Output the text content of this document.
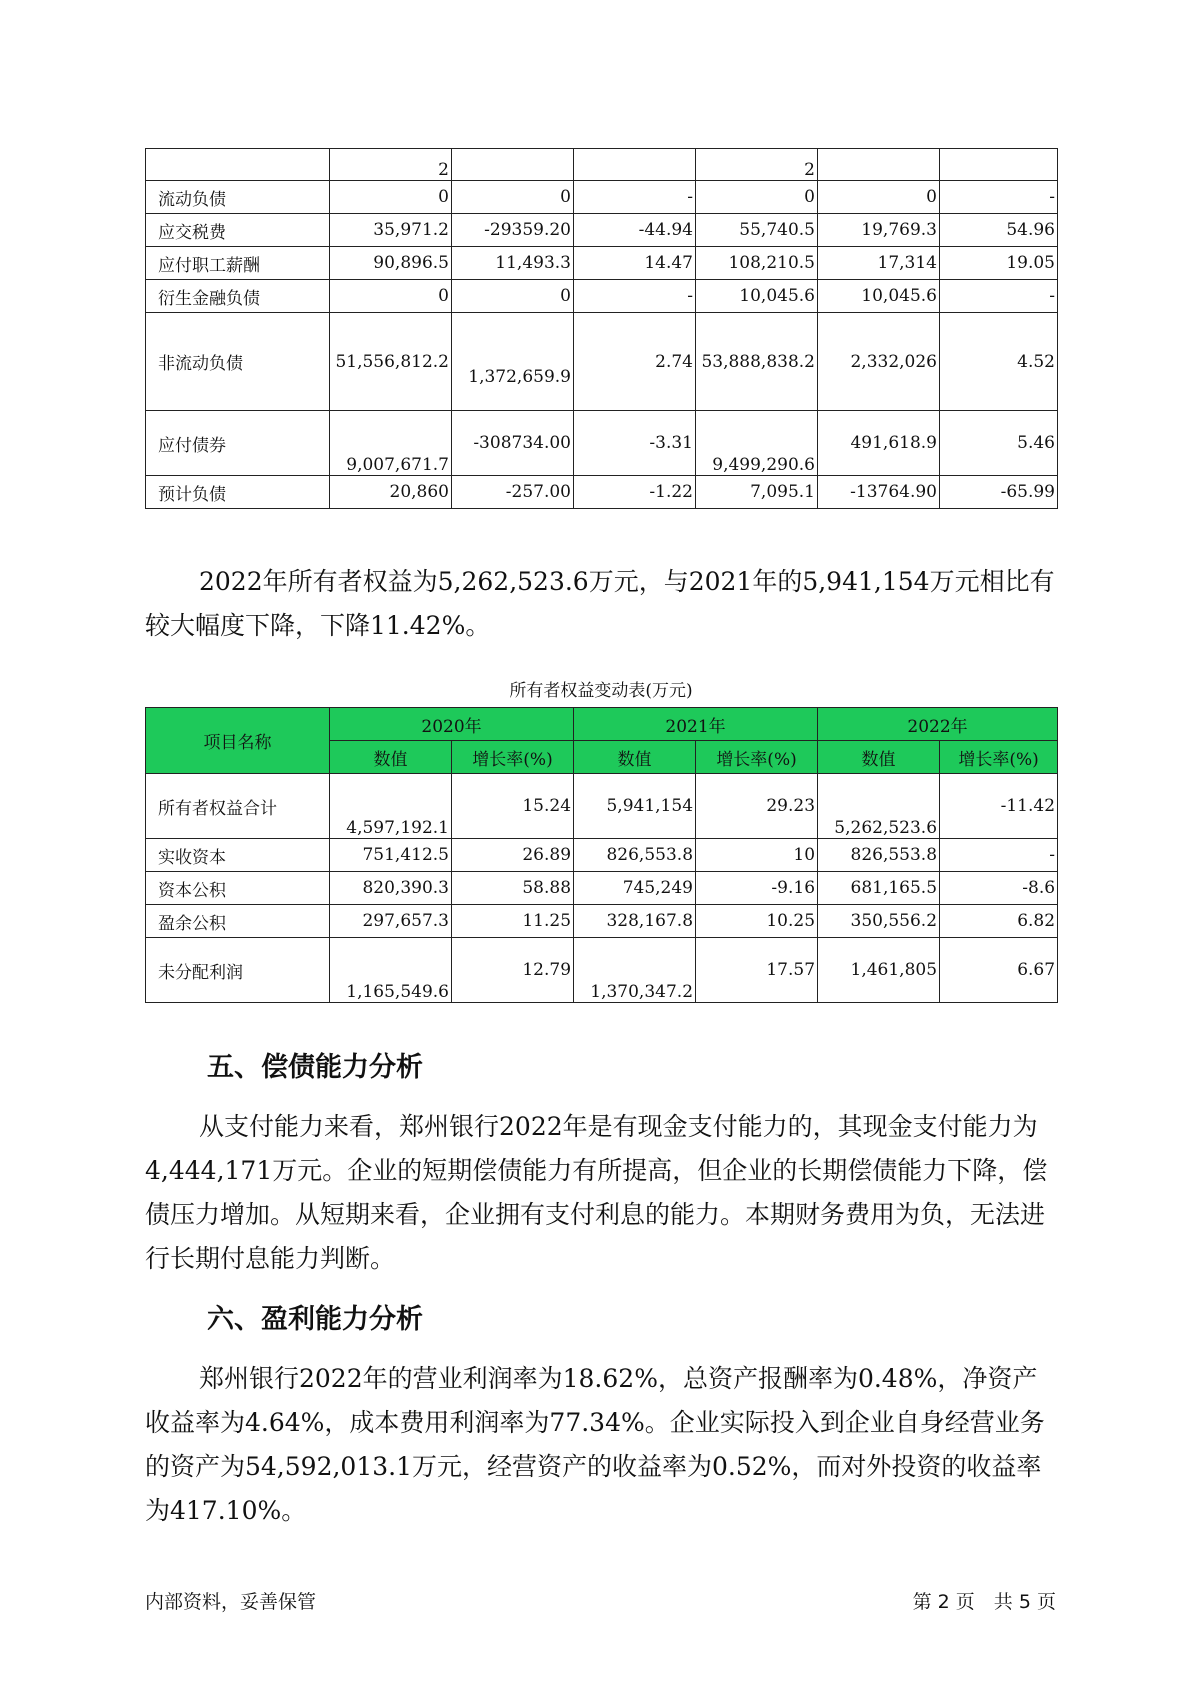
	2			2		
流动负债	0	0	-	0	0	-
应交税费	35,971.2	-29359.20	-44.94	55,740.5	19,769.3	54.96
应付职工薪酬	90,896.5	11,493.3	14.47	108,210.5	17,314	19.05
衍生金融负债	0	0	-	10,045.6	10,045.6	-
非流动负债	51,556,812.2	1,372,659.9	2.74	53,888,838.2	2,332,026	4.52
应付债券	9,007,671.7	-308734.00	-3.31	9,499,290.6	491,618.9	5.46
预计负债	20,860	-257.00	-1.22	7,095.1	-13764.90	-65.99

2022年所有者权益为5,262,523.6万元，与2021年的5,941,154万元相比有较大幅度下降，下降11.42%。

所有者权益变动表(万元)
项目名称	2020年		2021年		2022年	
	数值	增长率(%)	数值	增长率(%)	数值	增长率(%)
所有者权益合计	4,597,192.1	15.24	5,941,154	29.23	5,262,523.6	-11.42
实收资本	751,412.5	26.89	826,553.8	10	826,553.8	-
资本公积	820,390.3	58.88	745,249	-9.16	681,165.5	-8.6
盈余公积	297,657.3	11.25	328,167.8	10.25	350,556.2	6.82
未分配利润	1,165,549.6	12.79	1,370,347.2	17.57	1,461,805	6.67
五、偿债能力分析

从支付能力来看，郑州银行2022年是有现金支付能力的，其现金支付能力为4,444,171万元。企业的短期偿债能力有所提高，但企业的长期偿债能力下降，偿债压力增加。从短期来看，企业拥有支付利息的能力。本期财务费用为负，无法进行长期付息能力判断。

六、盈利能力分析

郑州银行2022年的营业利润率为18.62%，总资产报酬率为0.48%，净资产收益率为4.64%，成本费用利润率为77.34%。企业实际投入到企业自身经营业务的资产为54,592,013.1万元，经营资产的收益率为0.52%，而对外投资的收益率为417.10%。

内部资料，妥善保管	第 2 页　共 5 页
